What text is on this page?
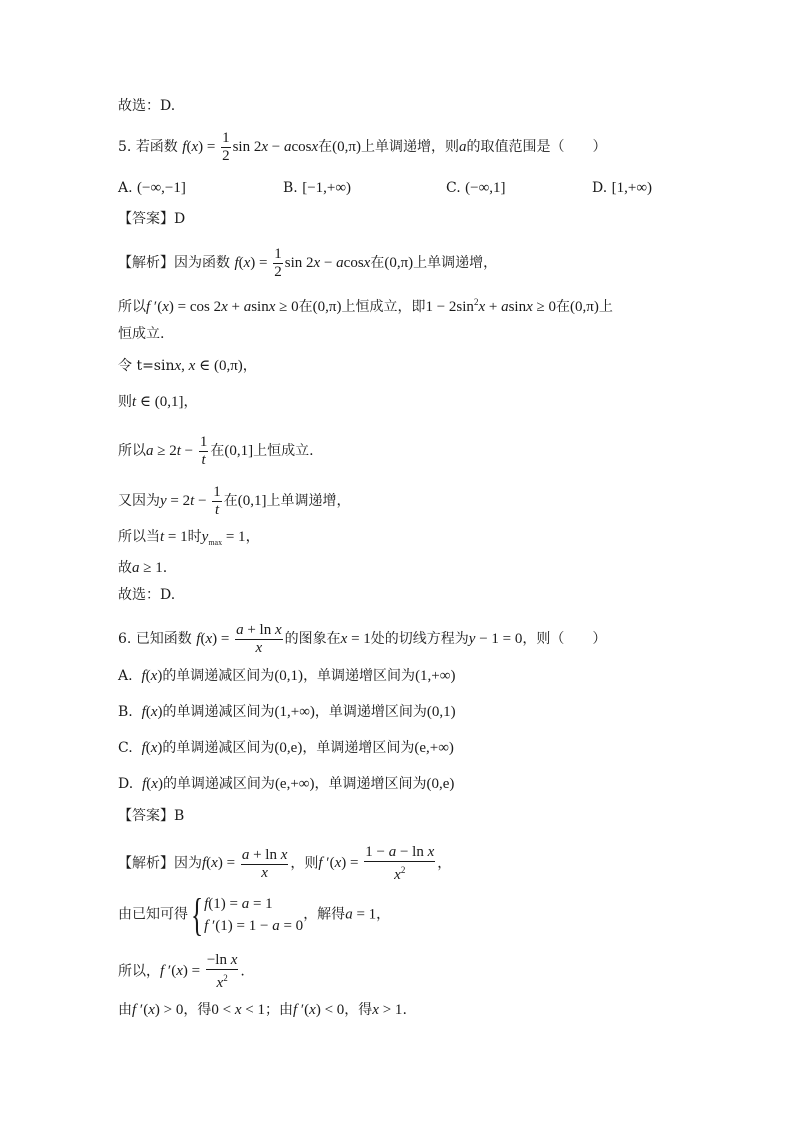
故选：D.
5. 若函数 $f(x) = \frac{1}{2}$ sin 2x − acosx在(0,π)上单调递增，则a的取值范围是（　　）
A. (−∞,−1]	B. [−1,+∞)	C. (−∞,1]	D. [1,+∞)
【答案】D
【解析】因为函数 $f(x) = \frac{1}{2}$ sin 2x − acosx在(0,π)上单调递增，
所以f ′(x) = cos 2x + asinx ≥ 0在(0,π)上恒成立，即$1 - 2\sin^2x + asinx \ge 0$在(0,π)上
恒成立.
令 t=sinx, x ∈ (0,π)，
则t ∈ (0,1]，
所以$a \ge 2t - \frac{1}{t}$ 在(0,1]上恒成立.
又因为$y = 2t - \frac{1}{t}$ 在(0,1]上单调递增，
所以当t = 1时$y_{max} = 1$，
故a ≥ 1.
故选：D.
6. 已知函数 $f(x) = \frac{\text{a + ln x}}{x}$ 的图象在x = 1处的切线方程为y − 1 = 0，则（　　）
A. f(x)的单调递减区间为(0,1)，单调递增区间为(1,+∞)
B. f(x)的单调递减区间为(1,+∞)，单调递增区间为(0,1)
C. f(x)的单调递减区间为(0,e)，单调递增区间为(e,+∞)
D. f(x)的单调递减区间为(e,+∞)，单调递增区间为(0,e)
【答案】B
【解析】因为$f(x) = \frac{\text{a + ln x}}{x}$ ，则f $'(x) = \frac{\text{1 − a − ln x}}{x^2}$ ，
由已知可得{ f(1) = a = 1
f ′(1) = 1 − a = 0
，解得a = 1，
所以，f $'(x) = \frac{\text{−ln x}}{x^2}$ .
由f ′(x) > 0，得0 < x < 1；由f ′(x) < 0，得x > 1.
